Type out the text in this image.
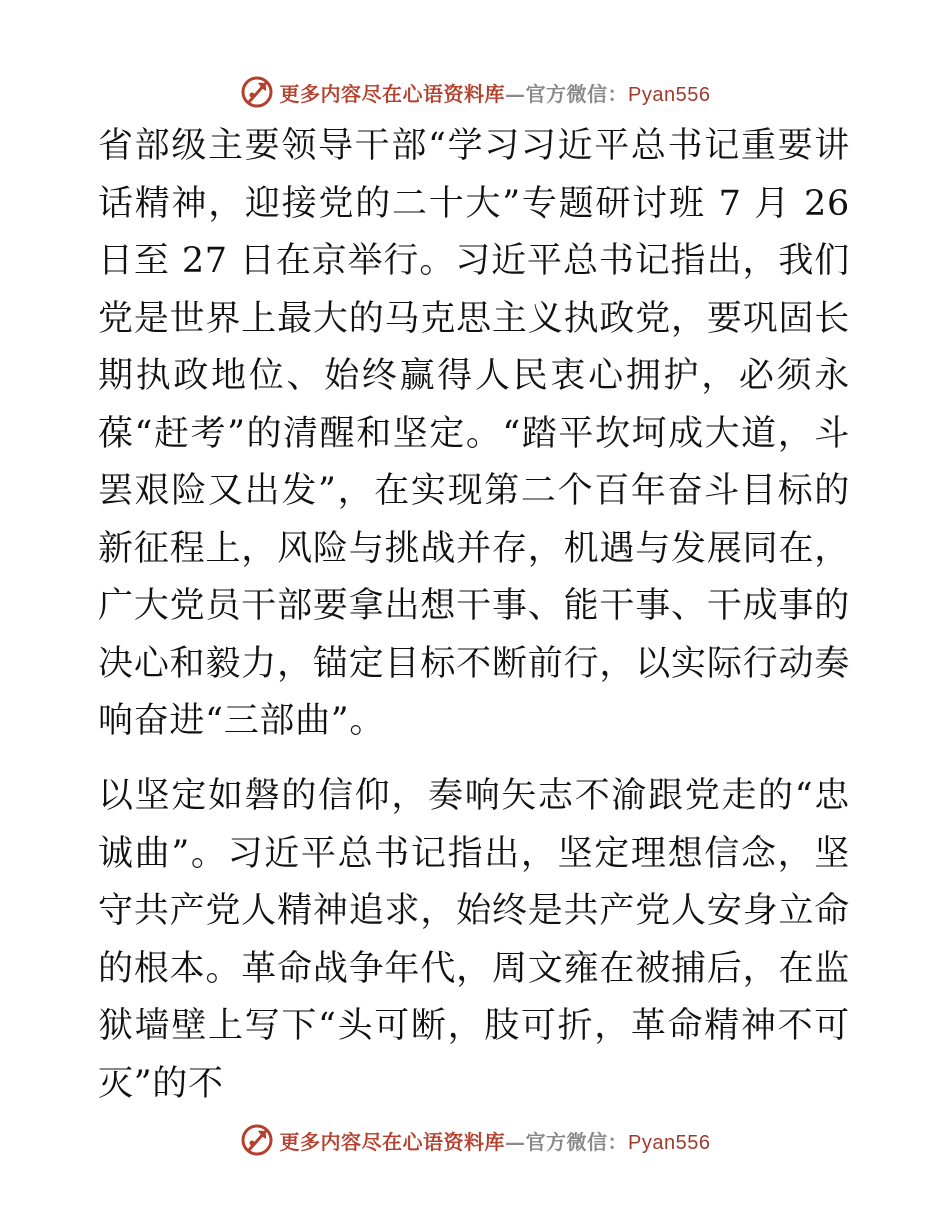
更多内容尽在心语资料库—官方微信：Pyan556

省部级主要领导干部“学习习近平总书记重要讲话精神，迎接党的二十大”专题研讨班 7 月 26 日至 27 日在京举行。习近平总书记指出，我们党是世界上最大的马克思主义执政党，要巩固长期执政地位、始终赢得人民衷心拥护，必须永葆“赶考”的清醒和坚定。“踏平坎坷成大道，斗罢艰险又出发”，在实现第二个百年奋斗目标的新征程上，风险与挑战并存，机遇与发展同在，广大党员干部要拿出想干事、能干事、干成事的决心和毅力，锚定目标不断前行，以实际行动奏响奋进“三部曲”。

以坚定如磐的信仰，奏响矢志不渝跟党走的“忠诚曲”。习近平总书记指出，坚定理想信念，坚守共产党人精神追求，始终是共产党人安身立命的根本。革命战争年代，周文雍在被捕后，在监狱墙壁上写下“头可断，肢可折，革命精神不可灭”的不

更多内容尽在心语资料库—官方微信：Pyan556
